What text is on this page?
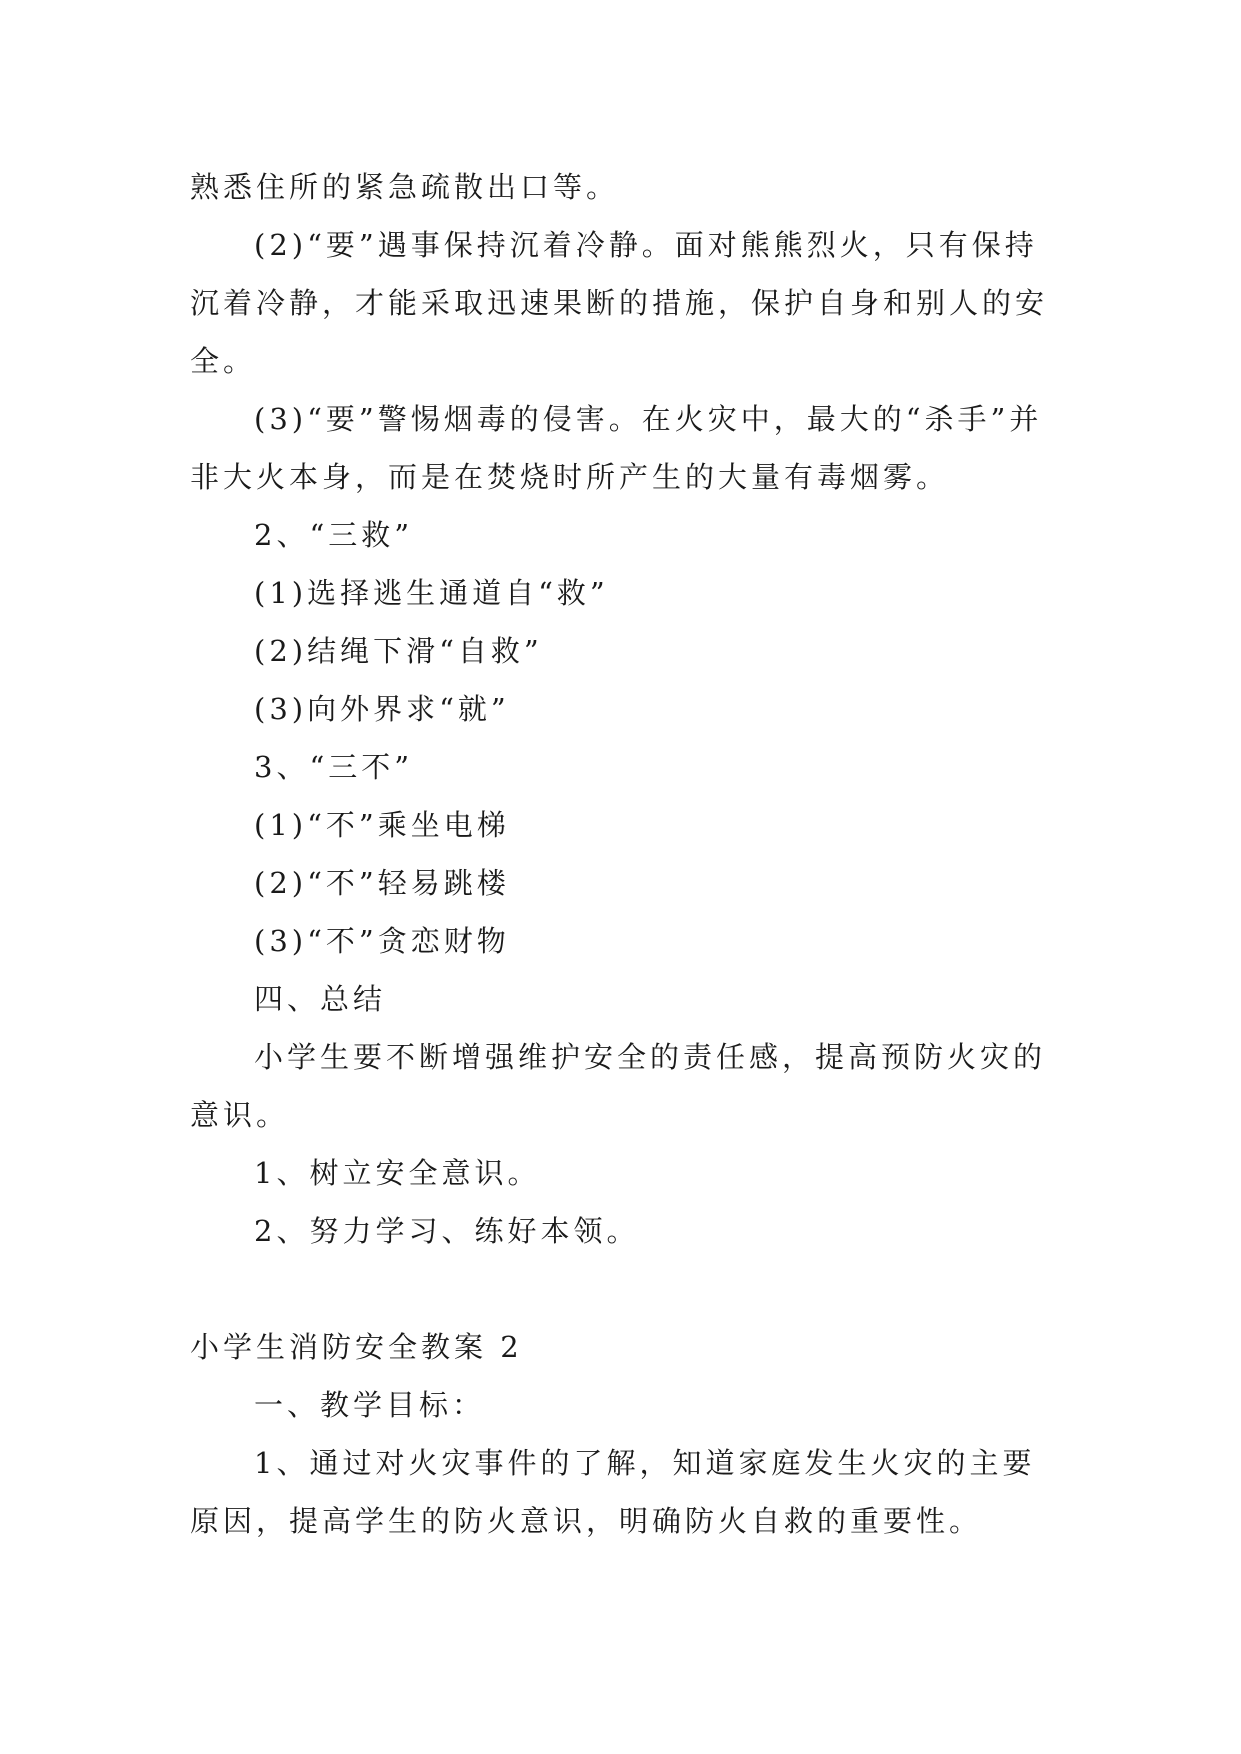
熟悉住所的紧急疏散出口等。

(2)“要”遇事保持沉着冷静。面对熊熊烈火，只有保持沉着冷静，才能采取迅速果断的措施，保护自身和别人的安全。

(3)“要”警惕烟毒的侵害。在火灾中，最大的“杀手”并非大火本身，而是在焚烧时所产生的大量有毒烟雾。

2、“三救”

(1)选择逃生通道自“救”

(2)结绳下滑“自救”

(3)向外界求“就”

3、“三不”

(1)“不”乘坐电梯

(2)“不”轻易跳楼

(3)“不”贪恋财物

四、总结

小学生要不断增强维护安全的责任感，提高预防火灾的意识。

1、树立安全意识。

2、努力学习、练好本领。

小学生消防安全教案 2

一、教学目标：

1、通过对火灾事件的了解，知道家庭发生火灾的主要原因，提高学生的防火意识，明确防火自救的重要性。
